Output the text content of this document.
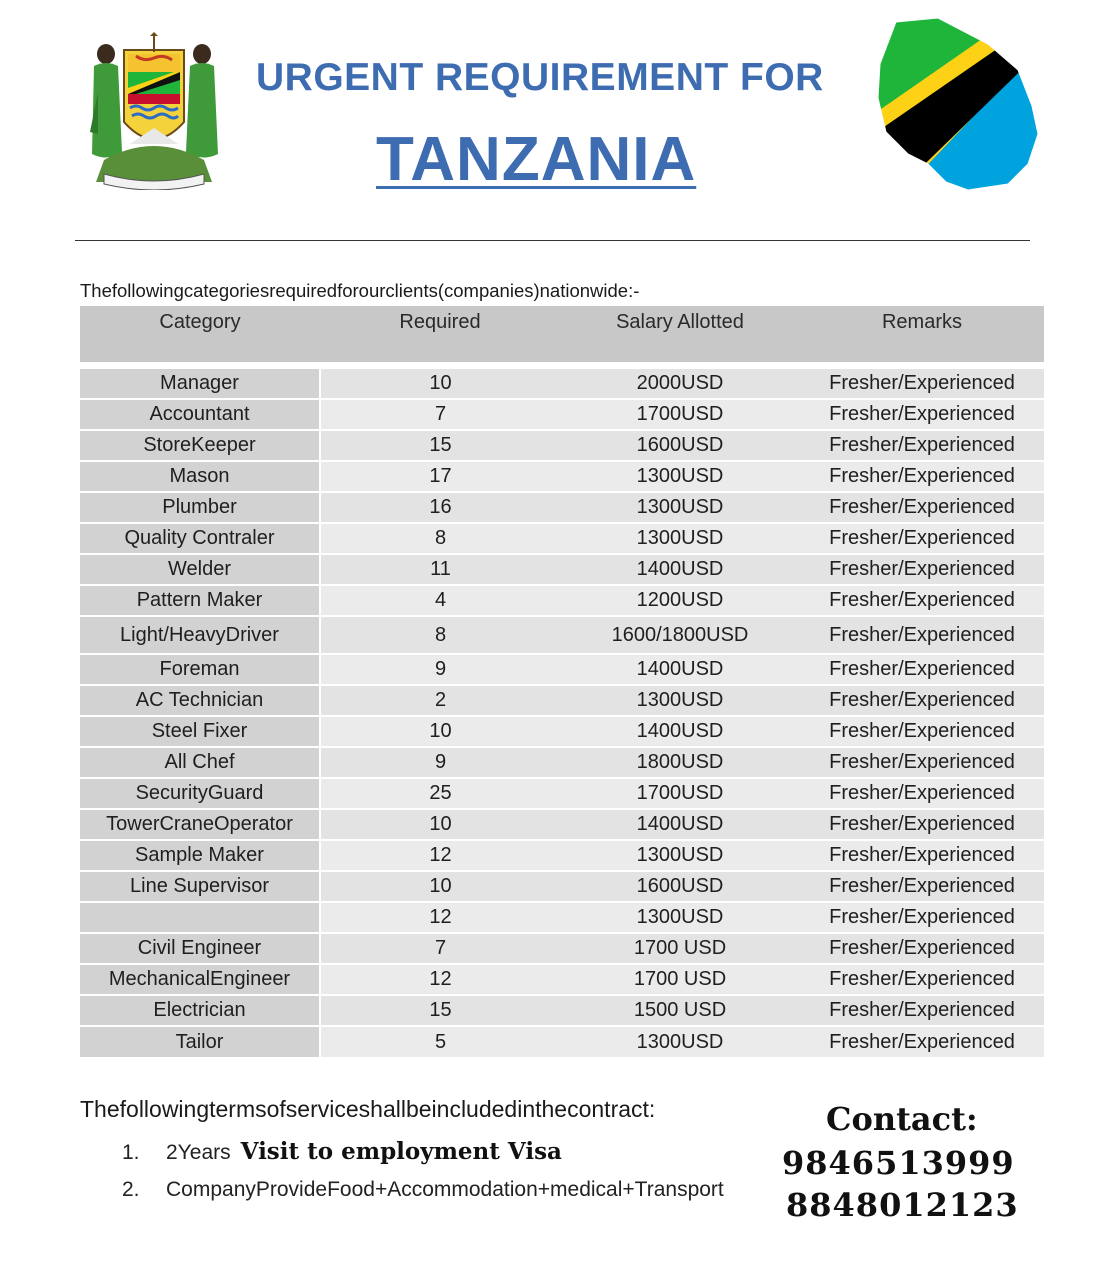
URGENT REQUIREMENT FOR
TANZANIA
Thefollowingcategoriesrequiredforourclients(companies)nationwide:-
Category	Required	Salary Allotted	Remarks

Manager	10	2000USD	Fresher/Experienced
Accountant	7	1700USD	Fresher/Experienced
StoreKeeper	15	1600USD	Fresher/Experienced
Mason	17	1300USD	Fresher/Experienced
Plumber	16	1300USD	Fresher/Experienced
Quality Contraler	8	1300USD	Fresher/Experienced
Welder	11	1400USD	Fresher/Experienced
Pattern Maker	4	1200USD	Fresher/Experienced
Light/HeavyDriver	8	1600/1800USD	Fresher/Experienced
Foreman	9	1400USD	Fresher/Experienced
AC Technician	2	1300USD	Fresher/Experienced
Steel Fixer	10	1400USD	Fresher/Experienced
All Chef	9	1800USD	Fresher/Experienced
SecurityGuard	25	1700USD	Fresher/Experienced
TowerCraneOperator	10	1400USD	Fresher/Experienced
Sample Maker	12	1300USD	Fresher/Experienced
Line Supervisor	10	1600USD	Fresher/Experienced
	12	1300USD	Fresher/Experienced
Civil Engineer	7	1700 USD	Fresher/Experienced
MechanicalEngineer	12	1700 USD	Fresher/Experienced
Electrician	15	1500 USD	Fresher/Experienced
Tailor	5	1300USD	Fresher/Experienced
Thefollowingtermsofserviceshallbeincludedinthecontract:
1. 2Years Visit to employment Visa
2. CompanyProvideFood+Accommodation+medical+Transport
Contact:
9846513999
8848012123
